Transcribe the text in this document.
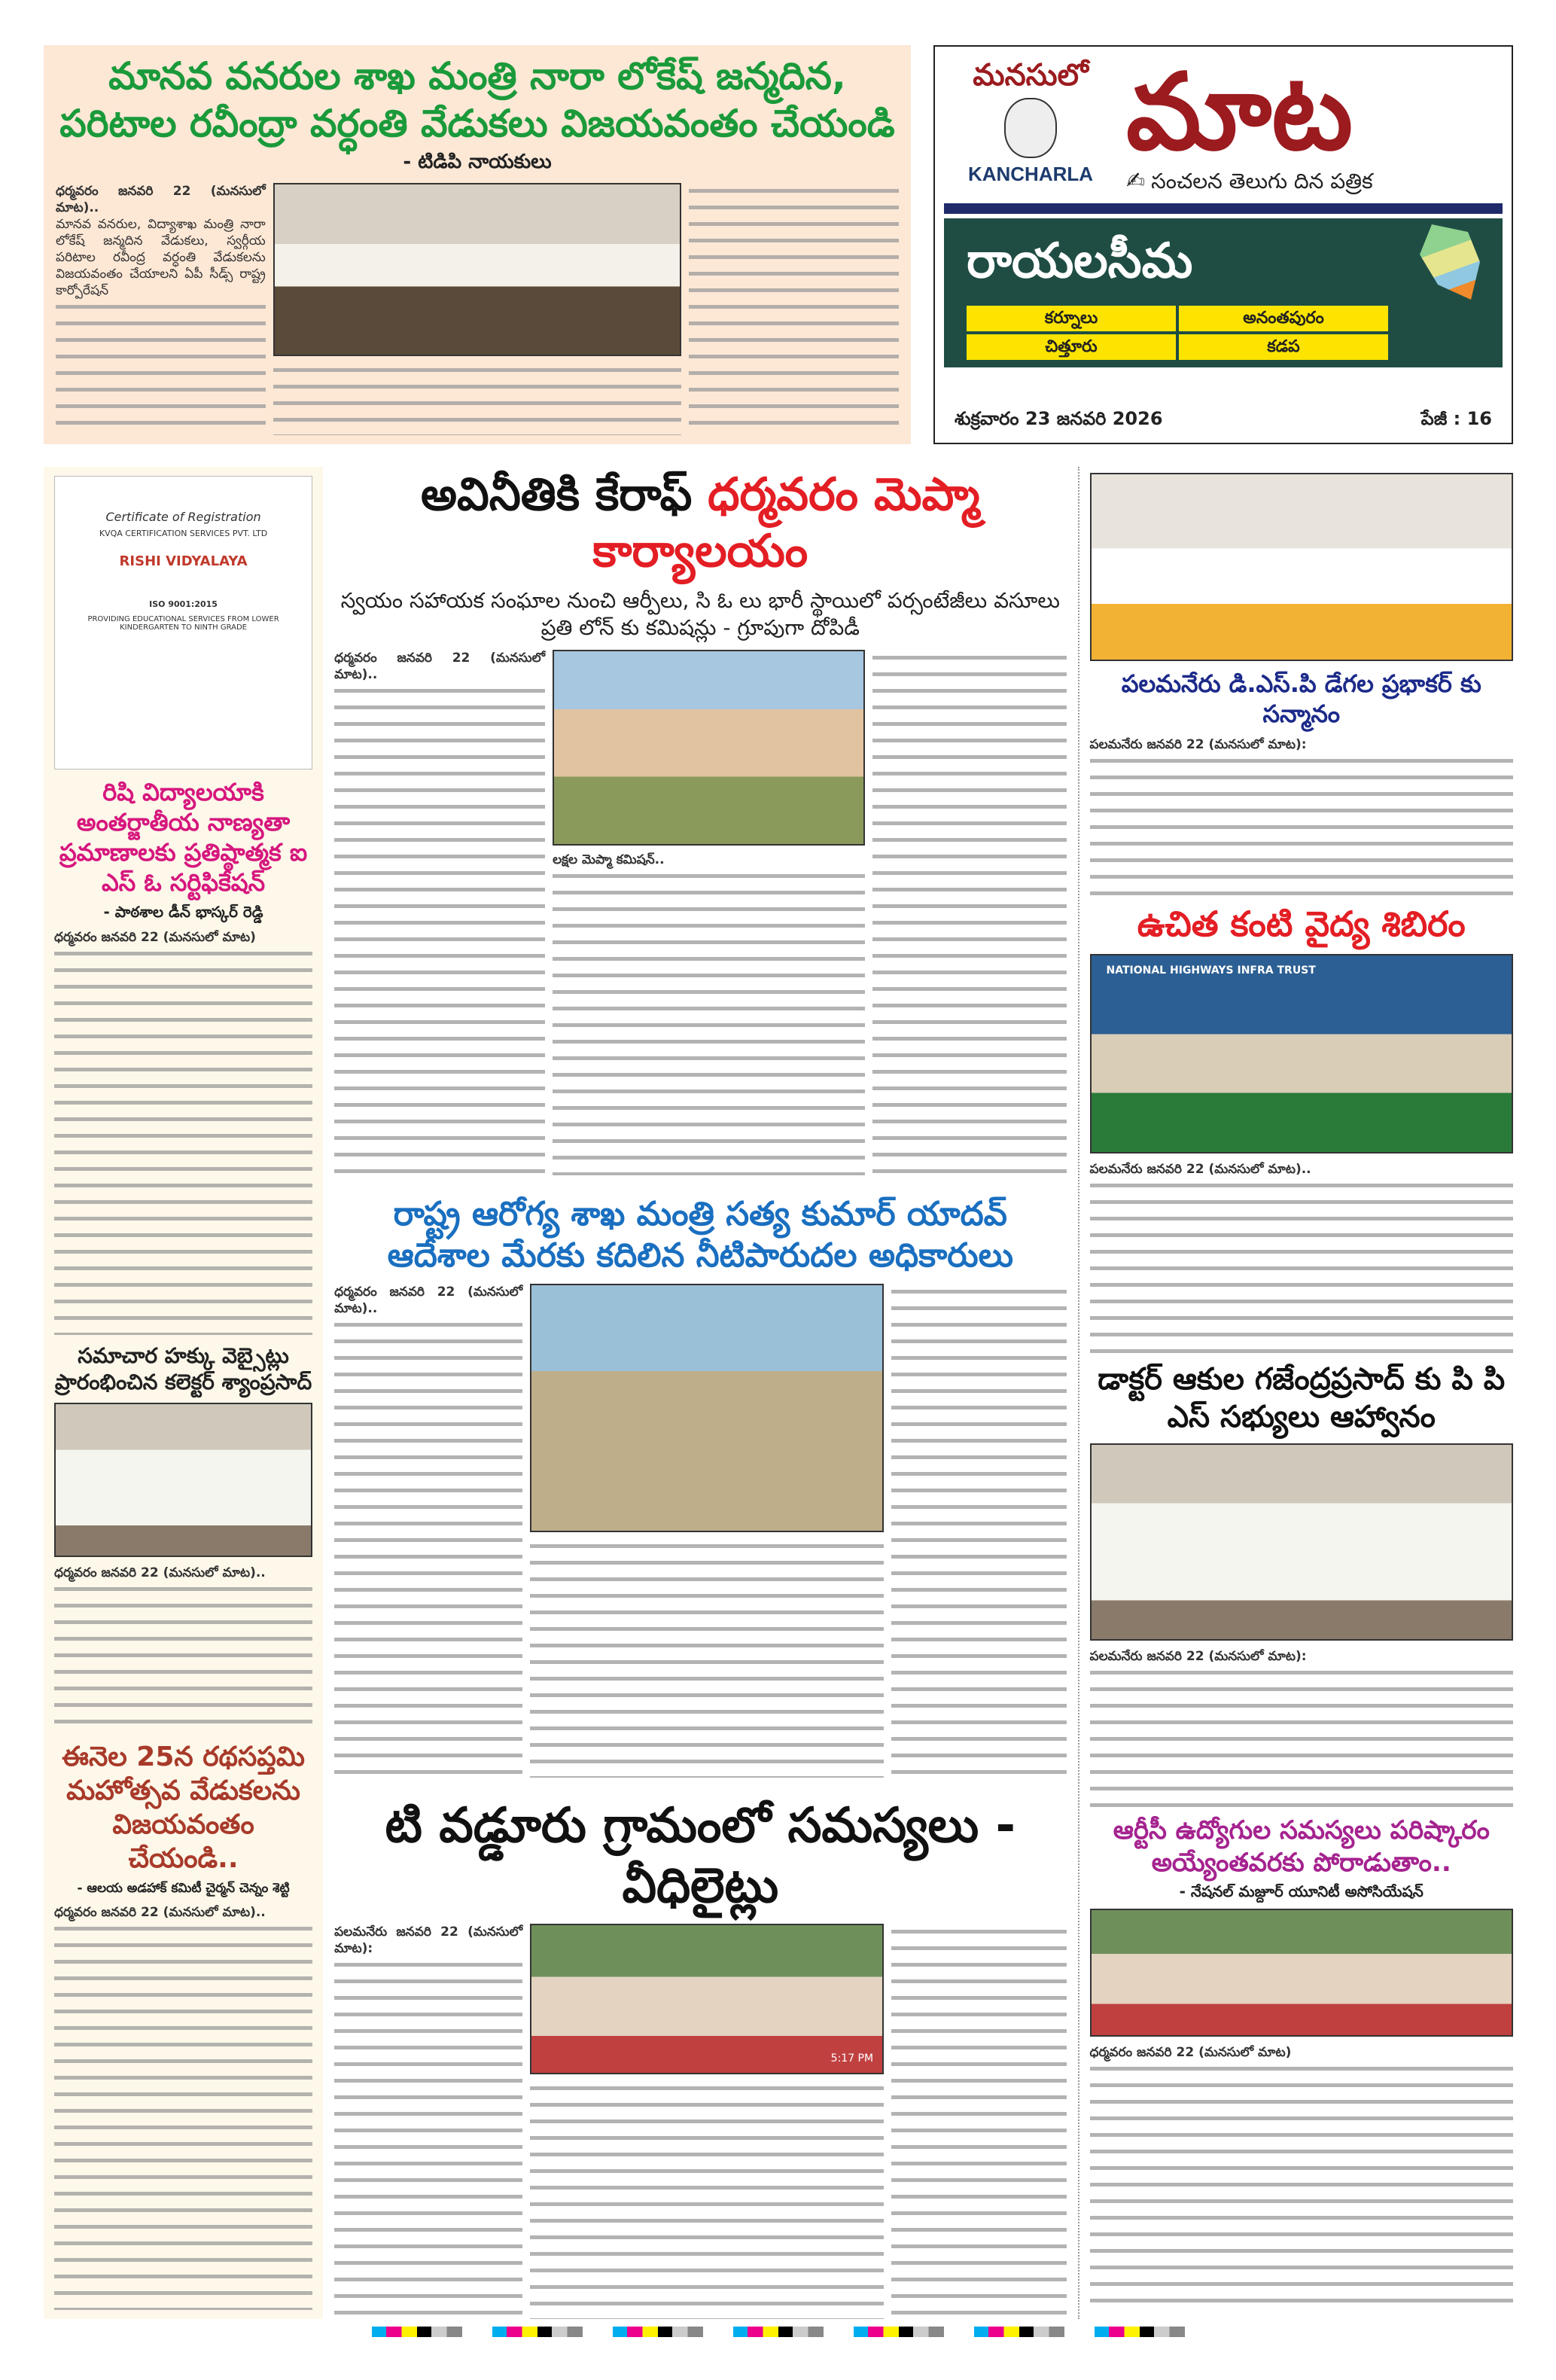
మానవ వనరుల శాఖ మంత్రి నారా లోకేష్ జన్మదిన,
పరిటాల రవీంద్రా వర్ధంతి వేడుకలు విజయవంతం చేయండి
- టిడిపి నాయకులు
ధర్మవరం జనవరి 22 (మనసులో మాట)..
మానవ వనరుల, విద్యాశాఖ మంత్రి నారా లోకేష్ జన్మదిన వేడుకలు, స్వర్గీయ పరిటాల రవీంద్ర వర్ధంతి వేడుకలను విజయవంతం చేయాలని ఏపీ సీడ్స్ రాష్ట్ర కార్పోరేషన్
మనసులో
KANCHARLA మాట
✍ సంచలన తెలుగు దిన పత్రిక
రాయలసీమ
కర్నూలు	అనంతపురం
చిత్తూరు	కడప
శుక్రవారం 23 జనవరి 2026	పేజీ : 16
Certificate of Registration
KVQA CERTIFICATION SERVICES PVT. LTD
RISHI VIDYALAYA
ISO 9001:2015
PROVIDING EDUCATIONAL SERVICES FROM LOWER KINDERGARTEN TO NINTH GRADE
రిషి విద్యాలయాకి అంతర్జాతీయ నాణ్యతా ప్రమాణాలకు ప్రతిష్ఠాత్మక ఐ ఎస్ ఓ సర్టిఫికేషన్
- పాఠశాల డీన్ భాస్కర్ రెడ్డి
ధర్మవరం జనవరి 22 (మనసులో మాట)
సమాచార హక్కు వెబ్సైట్లు ప్రారంభించిన కలెక్టర్ శ్యాంప్రసాద్
ధర్మవరం జనవరి 22 (మనసులో మాట)..
ఈనెల 25న రథసప్తమి మహోత్సవ వేడుకలను విజయవంతం చేయండి..
- ఆలయ అడహాక్ కమిటీ చైర్మన్ చెన్నం శెట్టి
ధర్మవరం జనవరి 22 (మనసులో మాట)..
అవినీతికి కేరాఫ్ ధర్మవరం మెప్మా కార్యాలయం
స్వయం సహాయక సంఘాల నుంచి ఆర్పీలు, సి ఓ లు భారీ స్థాయిలో పర్సంటేజీలు వసూలు
ప్రతి లోన్ కు కమిషన్లు - గ్రూపుగా దోపిడీ
ధర్మవరం జనవరి 22 (మనసులో మాట)..
లక్షల మెప్మా కమిషన్..
రాష్ట్ర ఆరోగ్య శాఖ మంత్రి సత్య కుమార్ యాదవ్
ఆదేశాల మేరకు కదిలిన నీటిపారుదల అధికారులు
ధర్మవరం జనవరి 22 (మనసులో మాట)..
టి వడ్డూరు గ్రామంలో సమస్యలు - వీధిలైట్లు
పలమనేరు జనవరి 22 (మనసులో మాట):
5:17 PM
పలమనేరు డి.ఎస్.పి డేగల ప్రభాకర్ కు సన్మానం
పలమనేరు జనవరి 22 (మనసులో మాట):
ఉచిత కంటి వైద్య శిబిరం
NATIONAL HIGHWAYS INFRA TRUST
పలమనేరు జనవరి 22 (మనసులో మాట)..
డాక్టర్ ఆకుల గజేంద్రప్రసాద్ కు పి పి ఎస్ సభ్యులు ఆహ్వానం
పలమనేరు జనవరి 22 (మనసులో మాట):
ఆర్టీసీ ఉద్యోగుల సమస్యలు పరిష్కారం అయ్యేంతవరకు పోరాడుతాం..
- నేషనల్ మజ్దూర్ యూనిటీ అసోసియేషన్
ధర్మవరం జనవరి 22 (మనసులో మాట)
